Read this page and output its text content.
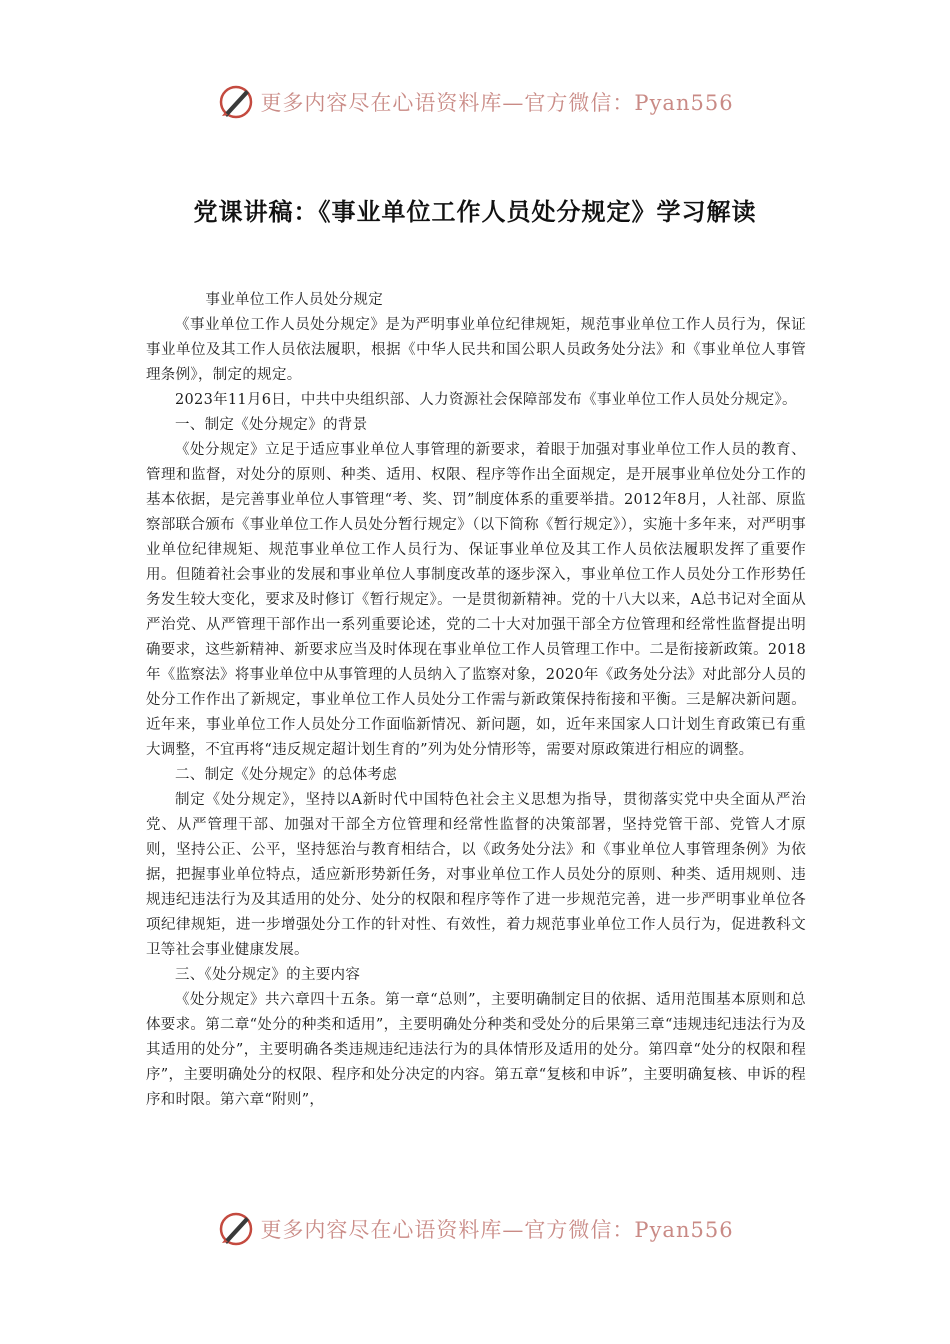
更多内容尽在心语资料库—官方微信：Pyan556
党课讲稿：《事业单位工作人员处分规定》学习解读

事业单位工作人员处分规定

《事业单位工作人员处分规定》是为严明事业单位纪律规矩，规范事业单位工作人员行为，保证事业单位及其工作人员依法履职，根据《中华人民共和国公职人员政务处分法》和《事业单位人事管理条例》，制定的规定。

2023年11月6日，中共中央组织部、人力资源社会保障部发布《事业单位工作人员处分规定》。

一、制定《处分规定》的背景

《处分规定》立足于适应事业单位人事管理的新要求，着眼于加强对事业单位工作人员的教育、管理和监督，对处分的原则、种类、适用、权限、程序等作出全面规定，是开展事业单位处分工作的基本依据，是完善事业单位人事管理“考、奖、罚”制度体系的重要举措。2012年8月，人社部、原监察部联合颁布《事业单位工作人员处分暂行规定》（以下简称《暂行规定》），实施十多年来，对严明事业单位纪律规矩、规范事业单位工作人员行为、保证事业单位及其工作人员依法履职发挥了重要作用。但随着社会事业的发展和事业单位人事制度改革的逐步深入，事业单位工作人员处分工作形势任务发生较大变化，要求及时修订《暂行规定》。一是贯彻新精神。党的十八大以来，A总书记对全面从严治党、从严管理干部作出一系列重要论述，党的二十大对加强干部全方位管理和经常性监督提出明确要求，这些新精神、新要求应当及时体现在事业单位工作人员管理工作中。二是衔接新政策。2018年《监察法》将事业单位中从事管理的人员纳入了监察对象，2020年《政务处分法》对此部分人员的处分工作作出了新规定，事业单位工作人员处分工作需与新政策保持衔接和平衡。三是解决新问题。近年来，事业单位工作人员处分工作面临新情况、新问题，如，近年来国家人口计划生育政策已有重大调整，不宜再将“违反规定超计划生育的”列为处分情形等，需要对原政策进行相应的调整。

二、制定《处分规定》的总体考虑

制定《处分规定》，坚持以A新时代中国特色社会主义思想为指导，贯彻落实党中央全面从严治党、从严管理干部、加强对干部全方位管理和经常性监督的决策部署，坚持党管干部、党管人才原则，坚持公正、公平，坚持惩治与教育相结合，以《政务处分法》和《事业单位人事管理条例》为依据，把握事业单位特点，适应新形势新任务，对事业单位工作人员处分的原则、种类、适用规则、违规违纪违法行为及其适用的处分、处分的权限和程序等作了进一步规范完善，进一步严明事业单位各项纪律规矩，进一步增强处分工作的针对性、有效性，着力规范事业单位工作人员行为，促进教科文卫等社会事业健康发展。

三、《处分规定》的主要内容

《处分规定》共六章四十五条。第一章“总则”，主要明确制定目的依据、适用范围基本原则和总体要求。第二章“处分的种类和适用”，主要明确处分种类和受处分的后果第三章“违规违纪违法行为及其适用的处分”，主要明确各类违规违纪违法行为的具体情形及适用的处分。第四章“处分的权限和程序”，主要明确处分的权限、程序和处分决定的内容。第五章“复核和申诉”，主要明确复核、申诉的程序和时限。第六章“附则”，

更多内容尽在心语资料库—官方微信：Pyan556
